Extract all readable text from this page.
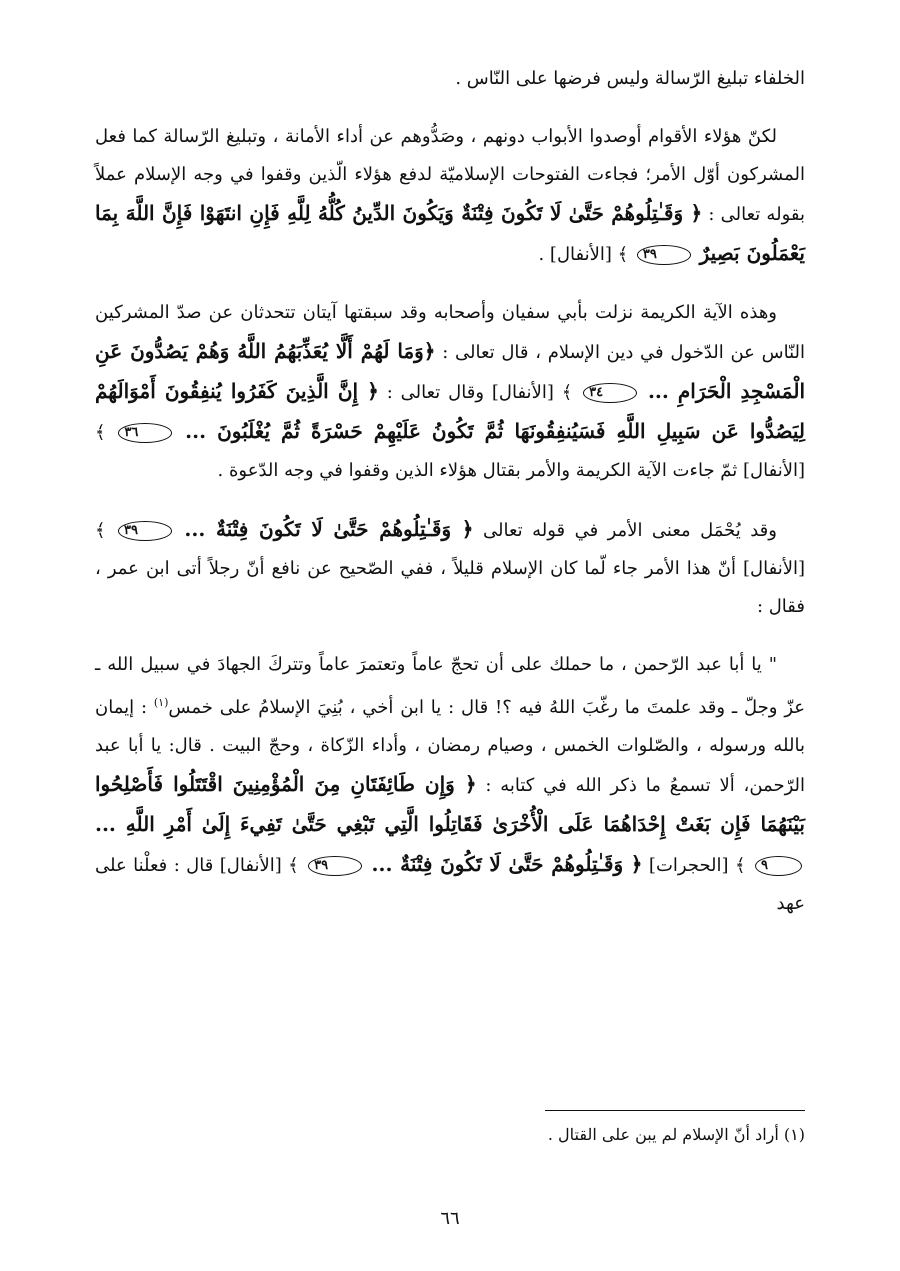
الخلفاء تبليغ الرّسالة وليس فرضها على النّاس .

لكنّ هؤلاء الأقوام أوصدوا الأبواب دونهم ، وصَدُّوهم عن أداء الأمانة ، وتبليغ الرّسالة كما فعل المشركون أوّل الأمر؛ فجاءت الفتوحات الإسلاميّة لدفع هؤلاء الّذين وقفوا في وجه الإسلام عملاً بقوله تعالى : ﴿ وَقَـٰتِلُوهُمْ حَتَّىٰ لَا تَكُونَ فِتْنَةٌ وَيَكُونَ الدِّينُ كُلُّهُ لِلَّهِ فَإِنِ انتَهَوْا فَإِنَّ اللَّهَ بِمَا يَعْمَلُونَ بَصِيرٌ ٣٩ ﴾ [الأنفال] .

وهذه الآية الكريمة نزلت بأبي سفيان وأصحابه وقد سبقتها آيتان تتحدثان عن صدّ المشركين النّاس عن الدّخول في دين الإسلام ، قال تعالى : ﴿وَمَا لَهُمْ أَلَّا يُعَذِّبَهُمُ اللَّهُ وَهُمْ يَصُدُّونَ عَنِ الْمَسْجِدِ الْحَرَامِ ... ٣٤ ﴾ [الأنفال] وقال تعالى : ﴿ إِنَّ الَّذِينَ كَفَرُوا يُنفِقُونَ أَمْوَالَهُمْ لِيَصُدُّوا عَن سَبِيلِ اللَّهِ فَسَيُنفِقُونَهَا ثُمَّ تَكُونُ عَلَيْهِمْ حَسْرَةً ثُمَّ يُغْلَبُونَ ... ٣٦ ﴾ [الأنفال] ثمّ جاءت الآية الكريمة والأمر بقتال هؤلاء الذين وقفوا في وجه الدّعوة .

وقد يُحْمَل معنى الأمر في قوله تعالى ﴿ وَقَـٰتِلُوهُمْ حَتَّىٰ لَا تَكُونَ فِتْنَةٌ ... ٣٩ ﴾ [الأنفال] أنّ هذا الأمر جاء لّما كان الإسلام قليلاً ، ففي الصّحيح عن نافع أنّ رجلاً أتى ابن عمر ، فقال :

" يا أبا عبد الرّحمن ، ما حملك على أن تحجّ عاماً وتعتمرَ عاماً وتتركَ الجهادَ في سبيل الله ـ عزّ وجلّ ـ وقد علمتَ ما رغّبَ اللهُ فيه ؟! قال : يا ابن أخي ، بُنِيَ الإسلامُ على خمس$^{(١)}$ : إيمان بالله ورسوله ، والصّلوات الخمس ، وصيام رمضان ، وأداء الزّكاة ، وحجّ البيت . قال: يا أبا عبد الرّحمن، ألا تسمعُ ما ذكر الله في كتابه : ﴿ وَإِن طَائِفَتَانِ مِنَ الْمُؤْمِنِينَ اقْتَتَلُوا فَأَصْلِحُوا بَيْنَهُمَا فَإِن بَغَتْ إِحْدَاهُمَا عَلَى الْأُخْرَىٰ فَقَاتِلُوا الَّتِي تَبْغِي حَتَّىٰ تَفِيءَ إِلَىٰ أَمْرِ اللَّهِ ... ٩ ﴾ [الحجرات] ﴿ وَقَـٰتِلُوهُمْ حَتَّىٰ لَا تَكُونَ فِتْنَةٌ ... ٣٩ ﴾ [الأنفال] قال : فعلْنا على عهد

(١) أراد أنّ الإسلام لم يبن على القتال .

٦٦
